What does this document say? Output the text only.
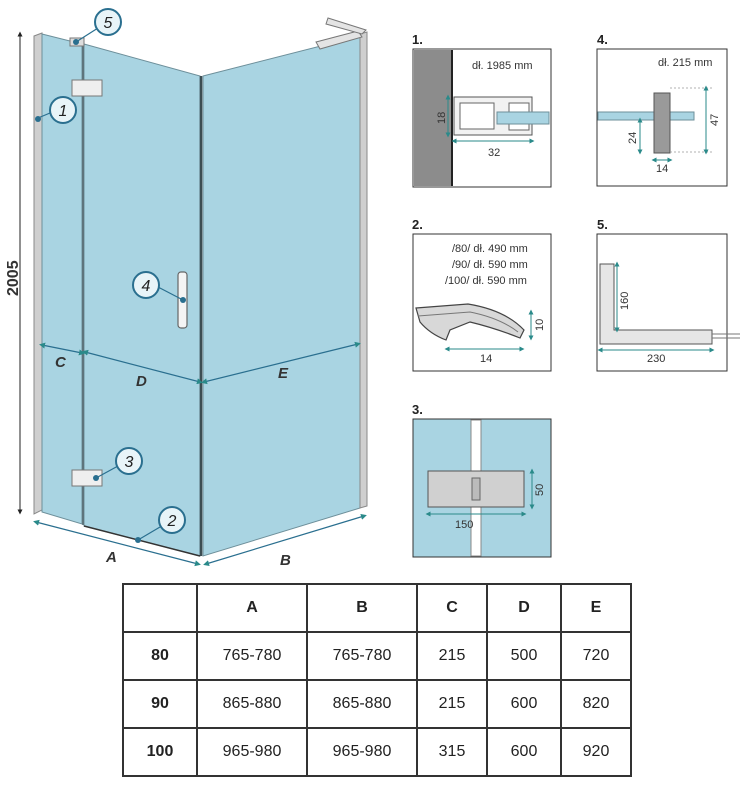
2005
C
D	E
A	B
1
5
4
3
2
1.
dł. 1985 mm
18
32
4.
dł. 215 mm
47
24
14
2.
/80/ dł. 490 mm
/90/ dł. 590 mm
/100/ dł. 590 mm
10
14
5.
160
230
3.
50
150
	A	B	C	D	E
80	765-780	765-780	215	500	720
90	865-880	865-880	215	600	820
100	965-980	965-980	315	600	920
